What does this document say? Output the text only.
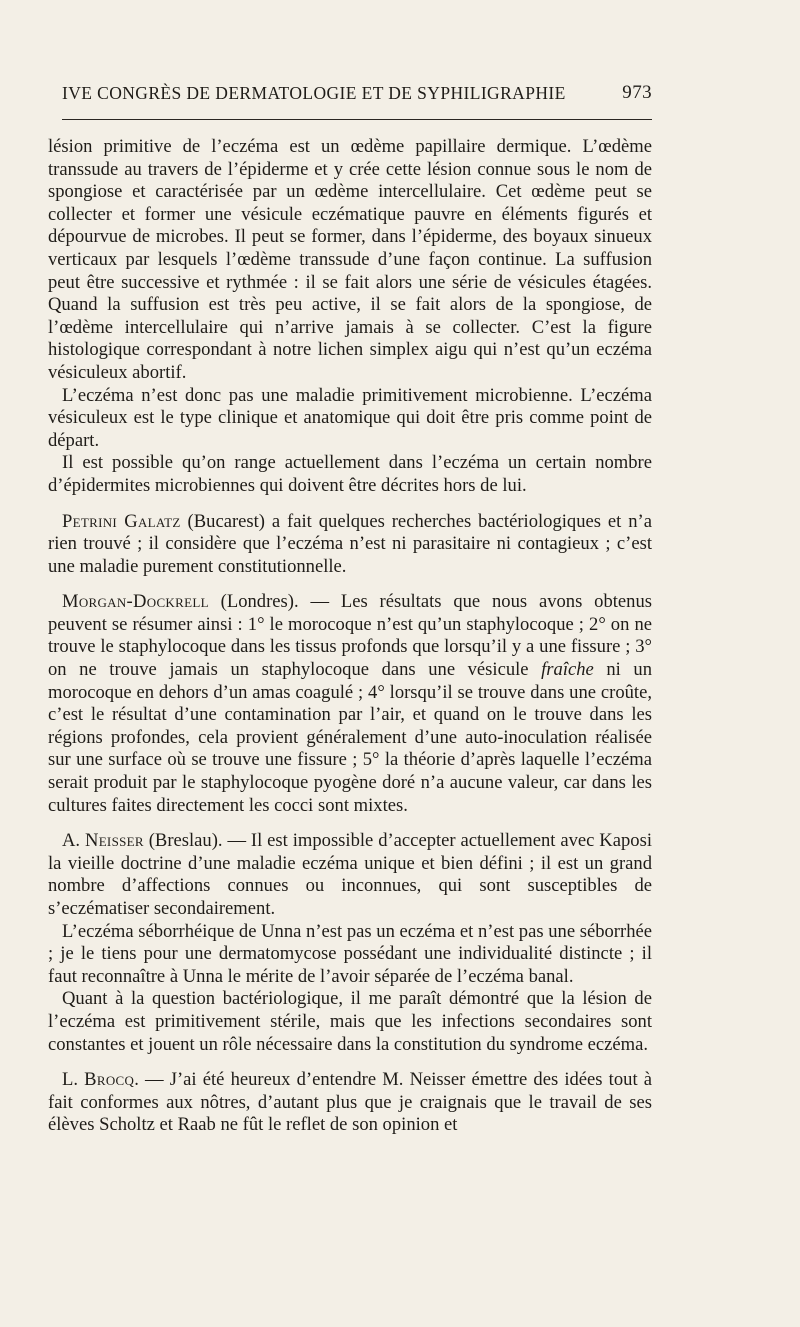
IVE CONGRÈS DE DERMATOLOGIE ET DE SYPHILIGRAPHIE	973

lésion primitive de l’eczéma est un œdème papillaire dermique. L’œdème transsude au travers de l’épiderme et y crée cette lésion connue sous le nom de spongiose et caractérisée par un œdème intercellulaire. Cet œdème peut se collecter et former une vésicule eczématique pauvre en éléments figurés et dépourvue de microbes. Il peut se former, dans l’épiderme, des boyaux sinueux verticaux par lesquels l’œdème transsude d’une façon continue. La suffusion peut être successive et rythmée : il se fait alors une série de vésicules étagées. Quand la suffusion est très peu active, il se fait alors de la spongiose, de l’œdème intercellulaire qui n’arrive jamais à se collecter. C’est la figure histologique correspondant à notre lichen simplex aigu qui n’est qu’un eczéma vésiculeux abortif.

L’eczéma n’est donc pas une maladie primitivement microbienne. L’eczéma vésiculeux est le type clinique et anatomique qui doit être pris comme point de départ.

Il est possible qu’on range actuellement dans l’eczéma un certain nombre d’épidermites microbiennes qui doivent être décrites hors de lui.

Petrini Galatz (Bucarest) a fait quelques recherches bactériologiques et n’a rien trouvé ; il considère que l’eczéma n’est ni parasitaire ni contagieux ; c’est une maladie purement constitutionnelle.

Morgan-Dockrell (Londres). — Les résultats que nous avons obtenus peuvent se résumer ainsi : 1° le morocoque n’est qu’un staphylocoque ; 2° on ne trouve le staphylocoque dans les tissus profonds que lorsqu’il y a une fissure ; 3° on ne trouve jamais un staphylocoque dans une vésicule fraîche ni un morocoque en dehors d’un amas coagulé ; 4° lorsqu’il se trouve dans une croûte, c’est le résultat d’une contamination par l’air, et quand on le trouve dans les régions profondes, cela provient généralement d’une auto-inoculation réalisée sur une surface où se trouve une fissure ; 5° la théorie d’après laquelle l’eczéma serait produit par le staphylocoque pyogène doré n’a aucune valeur, car dans les cultures faites directement les cocci sont mixtes.

A. Neisser (Breslau). — Il est impossible d’accepter actuellement avec Kaposi la vieille doctrine d’une maladie eczéma unique et bien défini ; il est un grand nombre d’affections connues ou inconnues, qui sont susceptibles de s’eczématiser secondairement.

L’eczéma séborrhéique de Unna n’est pas un eczéma et n’est pas une séborrhée ; je le tiens pour une dermatomycose possédant une individualité distincte ; il faut reconnaître à Unna le mérite de l’avoir séparée de l’eczéma banal.

Quant à la question bactériologique, il me paraît démontré que la lésion de l’eczéma est primitivement stérile, mais que les infections secondaires sont constantes et jouent un rôle nécessaire dans la constitution du syndrome eczéma.

L. Brocq. — J’ai été heureux d’entendre M. Neisser émettre des idées tout à fait conformes aux nôtres, d’autant plus que je craignais que le travail de ses élèves Scholtz et Raab ne fût le reflet de son opinion et
